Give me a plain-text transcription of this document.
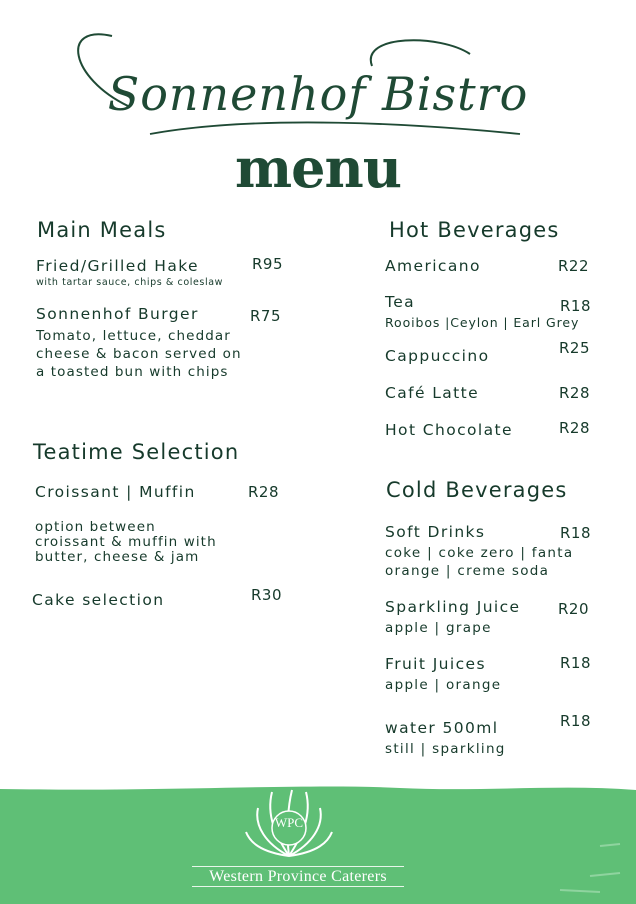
Sonnenhof Bistro
menu
Main Meals
Fried/Grilled Hake	R95
with tartar sauce, chips & coleslaw
Sonnenhof Burger	R75
Tomato, lettuce, cheddar
cheese & bacon served on
a toasted bun with chips
Teatime Selection
Croissant | Muffin	R28
option between
croissant & muffin with
butter, cheese & jam
Cake selection	R30
Hot Beverages
Americano	R22
Tea	R18
Rooibos |Ceylon | Earl Grey
Cappuccino	R25
Café Latte	R28
Hot Chocolate	R28
Cold Beverages
Soft Drinks	R18
coke | coke zero | fanta
orange | creme soda
Sparkling Juice	R20
apple | grape
Fruit Juices	R18
apple | orange
water 500ml	R18
still | sparkling
WPC
Western Province Caterers
